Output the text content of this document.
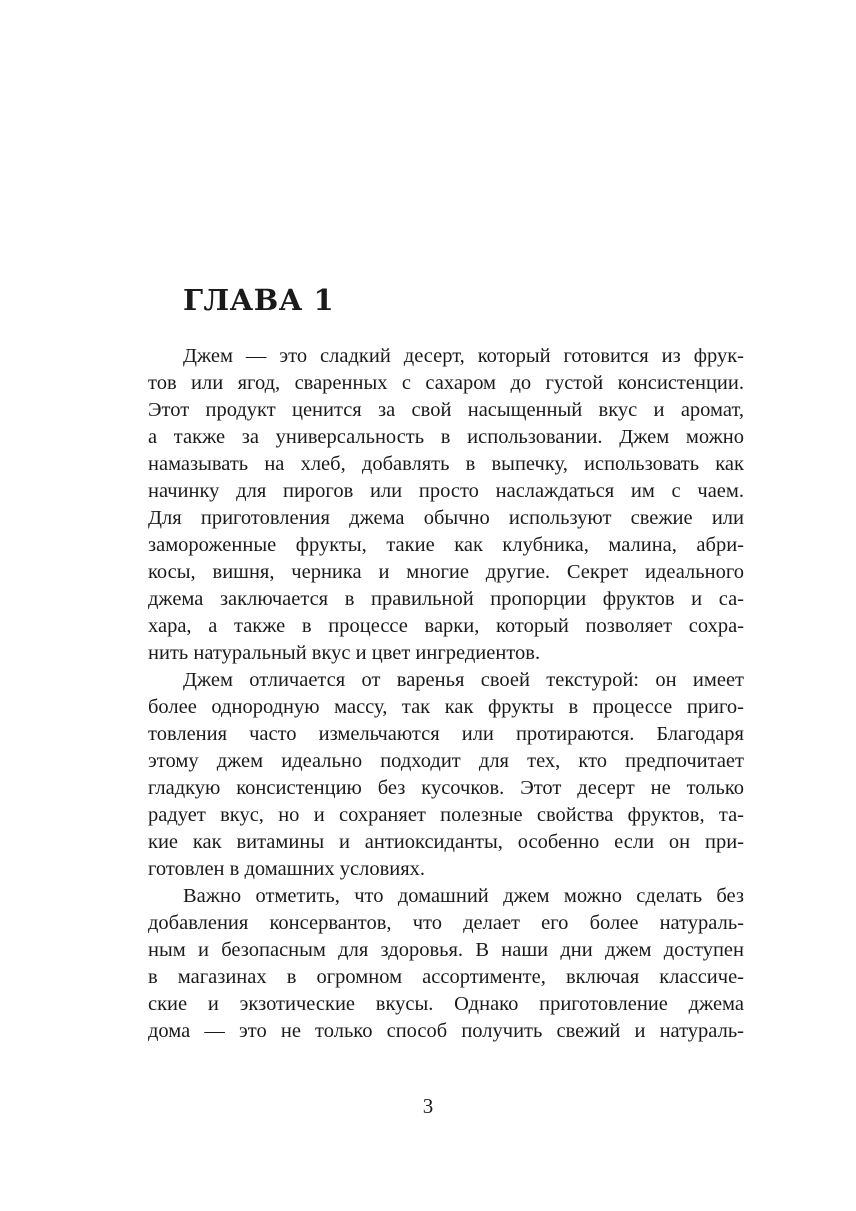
ГЛАВА 1
Джем — это сладкий десерт, который готовится из фрук-
тов или ягод, сваренных с сахаром до густой консистенции.
Этот продукт ценится за свой насыщенный вкус и аромат,
а также за универсальность в использовании. Джем можно
намазывать на хлеб, добавлять в выпечку, использовать как
начинку для пирогов или просто наслаждаться им с чаем.
Для приготовления джема обычно используют свежие или
замороженные фрукты, такие как клубника, малина, абри-
косы, вишня, черника и многие другие. Секрет идеального
джема заключается в правильной пропорции фруктов и са-
хара, а также в процессе варки, который позволяет сохра-
нить натуральный вкус и цвет ингредиентов.
Джем отличается от варенья своей текстурой: он имеет
более однородную массу, так как фрукты в процессе приго-
товления часто измельчаются или протираются. Благодаря
этому джем идеально подходит для тех, кто предпочитает
гладкую консистенцию без кусочков. Этот десерт не только
радует вкус, но и сохраняет полезные свойства фруктов, та-
кие как витамины и антиоксиданты, особенно если он при-
готовлен в домашних условиях.
Важно отметить, что домашний джем можно сделать без
добавления консервантов, что делает его более натураль-
ным и безопасным для здоровья. В наши дни джем доступен
в магазинах в огромном ассортименте, включая классиче-
ские и экзотические вкусы. Однако приготовление джема
дома — это не только способ получить свежий и натураль-
3
